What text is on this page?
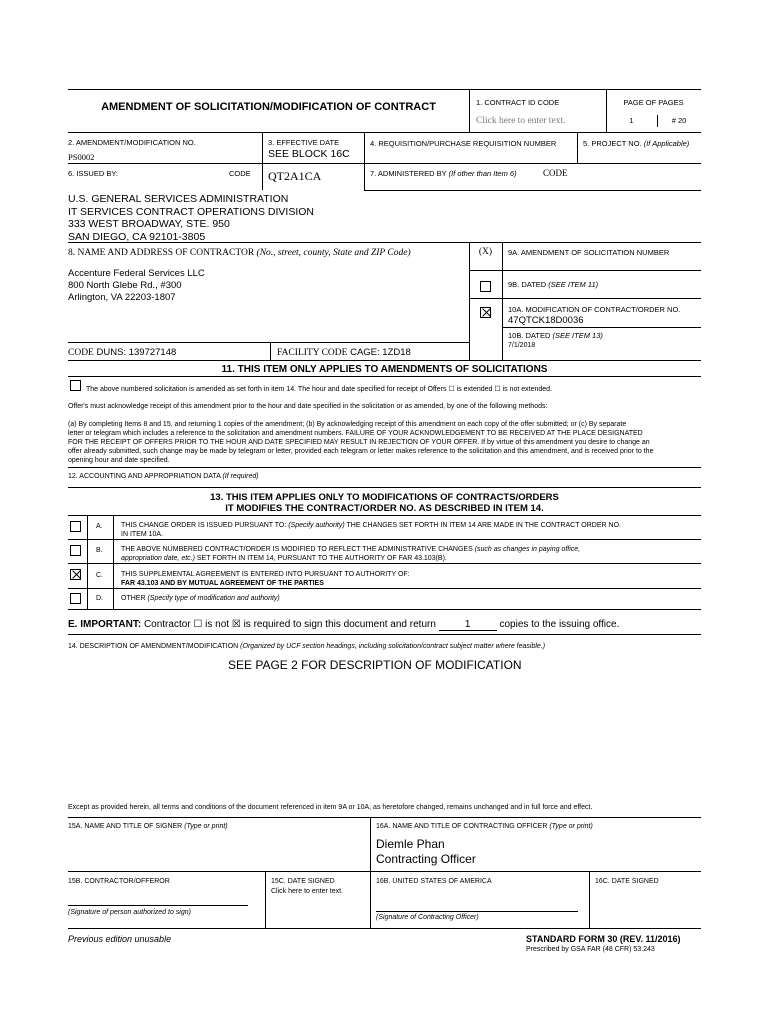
AMENDMENT OF SOLICITATION/MODIFICATION OF CONTRACT	1. CONTRACT ID CODE
Click here to enter text.
PAGE OF PAGES
1	# 20
2. AMENDMENT/MODIFICATION NO.
PS0002
3. EFFECTIVE DATE
SEE BLOCK 16C
4. REQUISITION/PURCHASE REQUISITION NUMBER	5. PROJECT NO. (If Applicable)
6. ISSUED BY:	CODE QT2A1CA	7. ADMINISTERED BY (If other than Item 6)	CODE
U.S. GENERAL SERVICES ADMINISTRATION
IT SERVICES CONTRACT OPERATIONS DIVISION
333 WEST BROADWAY, STE. 950
SAN DIEGO, CA 92101-3805
8. NAME AND ADDRESS OF CONTRACTOR (No., street, county, State and ZIP Code)
Accenture Federal Services LLC
800 North Glebe Rd., #300
Arlington, VA 22203-1807
CODE DUNS: 139727148	FACILITY CODE CAGE: 1ZD18
(X)	9A. AMENDMENT OF SOLICITATION NUMBER
9B. DATED (SEE ITEM 11)
10A. MODIFICATION OF CONTRACT/ORDER NO.
47QTCK18D0036
10B. DATED (SEE ITEM 13)
7/1/2018
11. THIS ITEM ONLY APPLIES TO AMENDMENTS OF SOLICITATIONS
The above numbered solicitation is amended as set forth in item 14. The hour and date specified for receipt of Offers ☐ is extended ☐ is not extended.
Offer's must acknowledge receipt of this amendment prior to the hour and date specified in the solicitation or as amended, by one of the following methods:
(a) By completing Items 8 and 15, and returning 1 copies of the amendment; (b) By acknowledging receipt of this amendment on each copy of the offer submitted; or (c) By separate
letter or telegram which includes a reference to the solicitation and amendment numbers. FAILURE OF YOUR ACKNOWLEDGEMENT TO BE RECEIVED AT THE PLACE DESIGNATED
FOR THE RECEIPT OF OFFERS PRIOR TO THE HOUR AND DATE SPECIFIED MAY RESULT IN REJECTION OF YOUR OFFER. If by virtue of this amendment you desire to change an
offer already submitted, such change may be made by telegram or letter, provided each telegram or letter makes reference to the solicitation and this amendment, and is received prior to the
opening hour and date specified.
12. ACCOUNTING AND APPROPRIATION DATA (If required)
13. THIS ITEM APPLIES ONLY TO MODIFICATIONS OF CONTRACTS/ORDERS
IT MODIFIES THE CONTRACT/ORDER NO. AS DESCRIBED IN ITEM 14.
A.	THIS CHANGE ORDER IS ISSUED PURSUANT TO: (Specify authority) THE CHANGES SET FORTH IN ITEM 14 ARE MADE IN THE CONTRACT ORDER NO.
IN ITEM 10A.
B.	THE ABOVE NUMBERED CONTRACT/ORDER IS MODIFIED TO REFLECT THE ADMINISTRATIVE CHANGES (such as changes in paying office,
appropriation date, etc.) SET FORTH IN ITEM 14, PURSUANT TO THE AUTHORITY OF FAR 43.103(B).
C.	THIS SUPPLEMENTAL AGREEMENT IS ENTERED INTO PURSUANT TO AUTHORITY OF:
FAR 43.103 AND BY MUTUAL AGREEMENT OF THE PARTIES
D.	OTHER (Specify type of modification and authority)
E. IMPORTANT: Contractor ☐ is not ☒ is required to sign this document and return	1	copies to the issuing office.
14. DESCRIPTION OF AMENDMENT/MODIFICATION (Organized by UCF section headings, including solicitation/contract subject matter where feasible.)
SEE PAGE 2 FOR DESCRIPTION OF MODIFICATION
Except as provided herein, all terms and conditions of the document referenced in item 9A or 10A, as heretofore changed, remains unchanged and in full force and effect.
15A. NAME AND TITLE OF SIGNER (Type or print)	16A. NAME AND TITLE OF CONTRACTING OFFICER (Type or print)
Diemle Phan
Contracting Officer
15B. CONTRACTOR/OFFEROR	15C. DATE SIGNED
Click here to enter text.
16B. UNITED STATES OF AMERICA	16C. DATE SIGNED
(Signature of person authorized to sign)
(Signature of Contracting Officer)
Previous edition unusable	STANDARD FORM 30 (REV. 11/2016)
Prescribed by GSA FAR (48 CFR) 53.243
